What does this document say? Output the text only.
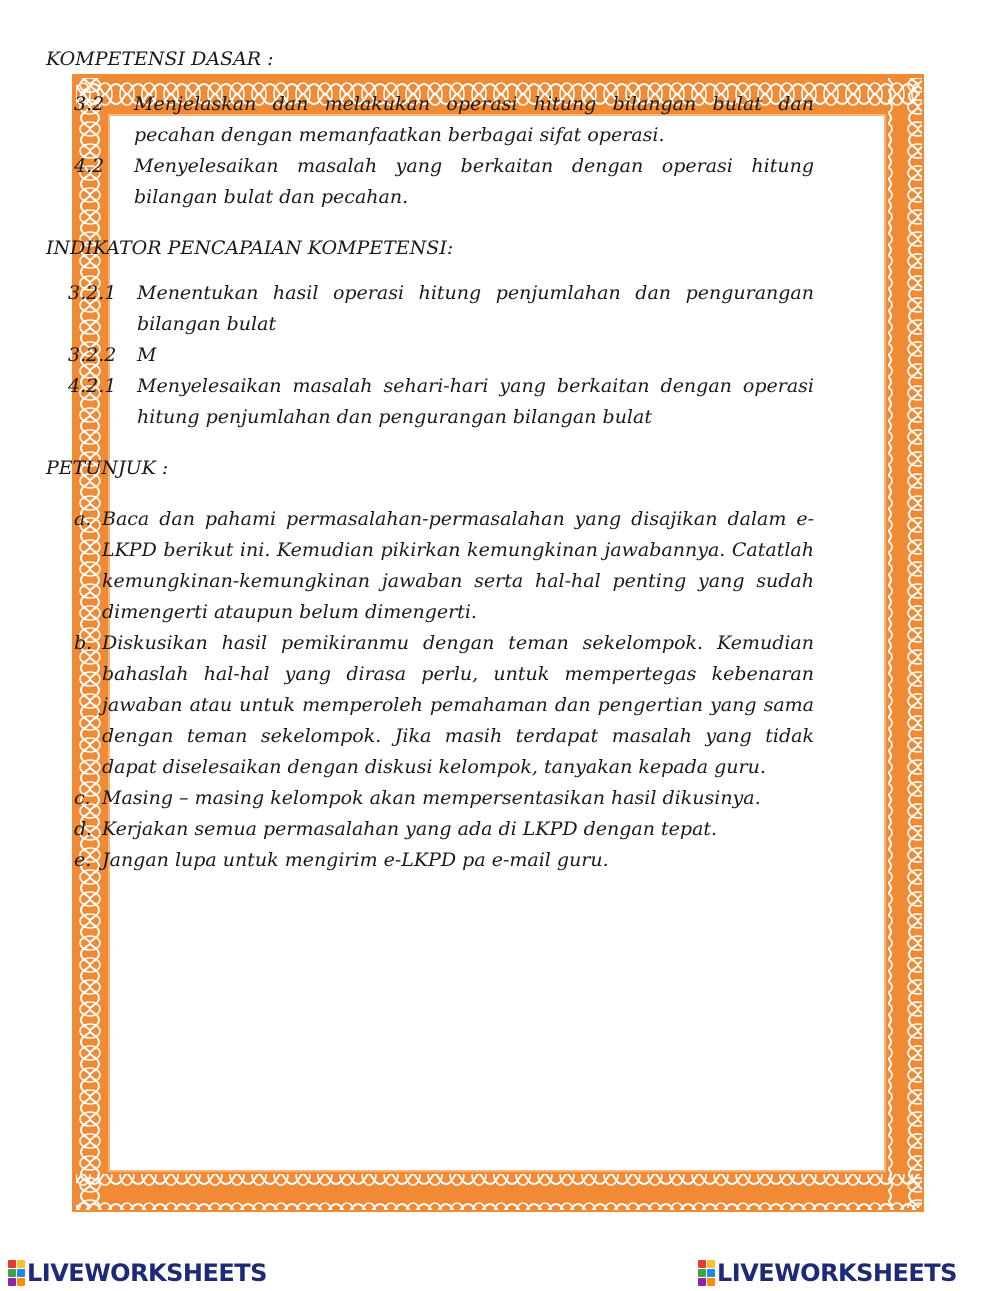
KOMPETENSI DASAR :

3.2	Menjelaskan dan melakukan operasi hitung bilangan bulat dan pecahan dengan memanfaatkan berbagai sifat operasi.
4.2	Menyelesaikan masalah yang berkaitan dengan operasi hitung bilangan bulat dan pecahan.

INDIKATOR PENCAPAIAN KOMPETENSI:

3.2.1	Menentukan hasil operasi hitung penjumlahan dan pengurangan bilangan bulat
3.2.2	M
4.2.1	Menyelesaikan masalah sehari-hari yang berkaitan dengan operasi hitung penjumlahan dan pengurangan bilangan bulat

PETUNJUK :

a. Baca dan pahami permasalahan-permasalahan yang disajikan dalam e-LKPD berikut ini. Kemudian pikirkan kemungkinan jawabannya. Catatlah kemungkinan-kemungkinan jawaban serta hal-hal penting yang sudah dimengerti ataupun belum dimengerti.
b. Diskusikan hasil pemikiranmu dengan teman sekelompok. Kemudian bahaslah hal-hal yang dirasa perlu, untuk mempertegas kebenaran jawaban atau untuk memperoleh pemahaman dan pengertian yang sama dengan teman sekelompok. Jika masih terdapat masalah yang tidak dapat diselesaikan dengan diskusi kelompok, tanyakan kepada guru.
c. Masing – masing kelompok akan mempersentasikan hasil dikusinya.
d. Kerjakan semua permasalahan yang ada di LKPD dengan tepat.
e. Jangan lupa untuk mengirim e-LKPD pa e-mail guru.
LIVEWORKSHEETS	LIVEWORKSHEETS
